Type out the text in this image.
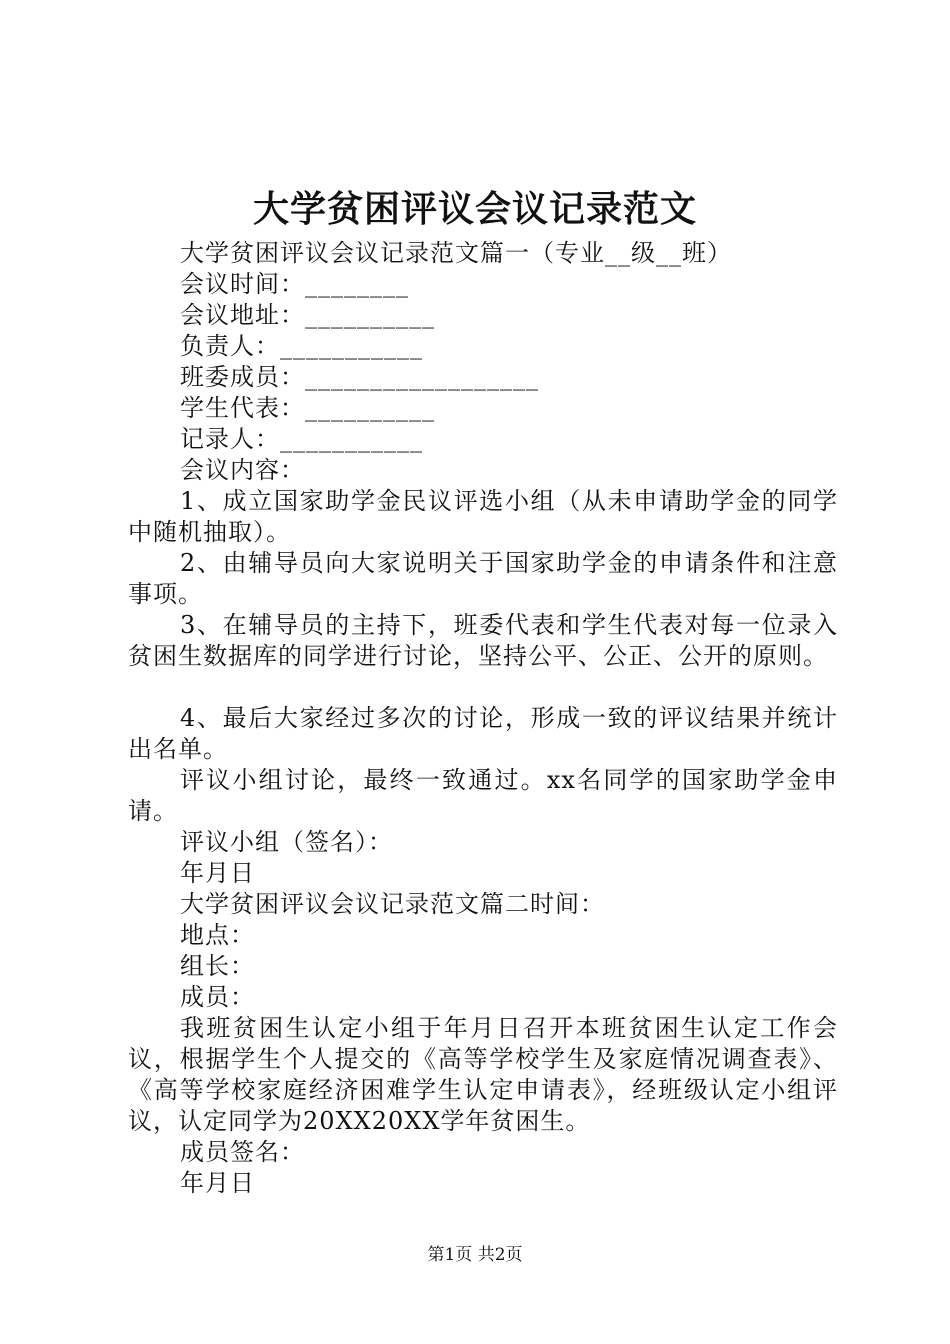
大学贫困评议会议记录范文
大学贫困评议会议记录范文篇一（专业__级__班）
会议时间：________
会议地址：__________
负责人：___________
班委成员：__________________
学生代表：__________
记录人：___________
会议内容：
1、成立国家助学金民议评选小组（从未申请助学金的同学中随机抽取）。
2、由辅导员向大家说明关于国家助学金的申请条件和注意事项。
3、在辅导员的主持下，班委代表和学生代表对每一位录入贫困生数据库的同学进行讨论，坚持公平、公正、公开的原则。
4、最后大家经过多次的讨论，形成一致的评议结果并统计出名单。
评议小组讨论，最终一致通过。xx名同学的国家助学金申请。
评议小组（签名）：
年月日
大学贫困评议会议记录范文篇二时间：
地点：
组长：
成员：
我班贫困生认定小组于年月日召开本班贫困生认定工作会议，根据学生个人提交的《高等学校学生及家庭情况调查表》、《高等学校家庭经济困难学生认定申请表》，经班级认定小组评议，认定同学为20XX20XX学年贫困生。
成员签名：
年月日
第1页 共2页
